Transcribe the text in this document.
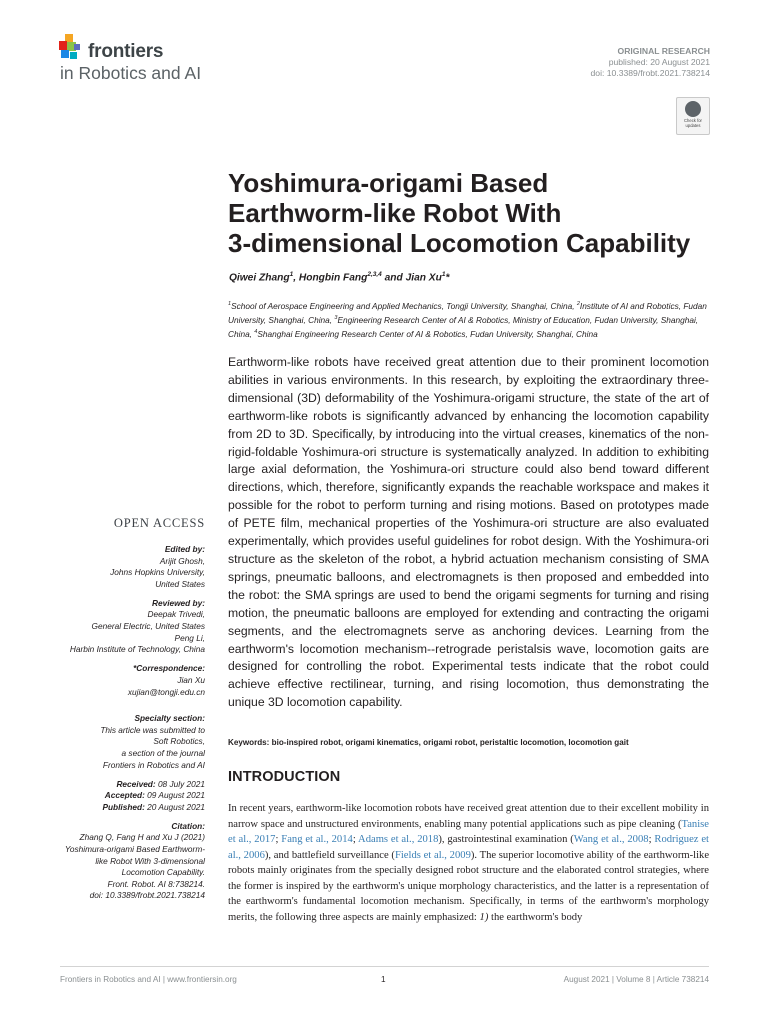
frontiers
in Robotics and AI
ORIGINAL RESEARCH
published: 20 August 2021
doi: 10.3389/frobt.2021.738214
Check for updates
Yoshimura-origami Based
Earthworm-like Robot With
3-dimensional Locomotion Capability
Qiwei Zhang$^1$, Hongbin Fang$^{2,3,4}$ and Jian Xu$^1$*
$^1$School of Aerospace Engineering and Applied Mechanics, Tongji University, Shanghai, China, $^2$Institute of AI and Robotics, Fudan University, Shanghai, China, $^3$Engineering Research Center of AI & Robotics, Ministry of Education, Fudan University, Shanghai, China, $^4$Shanghai Engineering Research Center of AI & Robotics, Fudan University, Shanghai, China
Earthworm-like robots have received great attention due to their prominent locomotion abilities in various environments. In this research, by exploiting the extraordinary three-dimensional (3D) deformability of the Yoshimura-origami structure, the state of the art of earthworm-like robots is significantly advanced by enhancing the locomotion capability from 2D to 3D. Specifically, by introducing into the virtual creases, kinematics of the non-rigid-foldable Yoshimura-ori structure is systematically analyzed. In addition to exhibiting large axial deformation, the Yoshimura-ori structure could also bend toward different directions, which, therefore, significantly expands the reachable workspace and makes it possible for the robot to perform turning and rising motions. Based on prototypes made of PETE film, mechanical properties of the Yoshimura-ori structure are also evaluated experimentally, which provides useful guidelines for robot design. With the Yoshimura-ori structure as the skeleton of the robot, a hybrid actuation mechanism consisting of SMA springs, pneumatic balloons, and electromagnets is then proposed and embedded into the robot: the SMA springs are used to bend the origami segments for turning and rising motion, the pneumatic balloons are employed for extending and contracting the origami segments, and the electromagnets serve as anchoring devices. Learning from the earthworm's locomotion mechanism--retrograde peristalsis wave, locomotion gaits are designed for controlling the robot. Experimental tests indicate that the robot could achieve effective rectilinear, turning, and rising locomotion, thus demonstrating the unique 3D locomotion capability.
Keywords: bio-inspired robot, origami kinematics, origami robot, peristaltic locomotion, locomotion gait
OPEN ACCESS
Edited by:
Arijit Ghosh,
Johns Hopkins University,
United States
Reviewed by:
Deepak Trivedi,
General Electric, United States
Peng Li,
Harbin Institute of Technology, China
*Correspondence:
Jian Xu
xujian@tongji.edu.cn
Specialty section:
This article was submitted to
Soft Robotics,
a section of the journal
Frontiers in Robotics and AI
Received: 08 July 2021
Accepted: 09 August 2021
Published: 20 August 2021
Citation:
Zhang Q, Fang H and Xu J (2021)
Yoshimura-origami Based Earthworm-
like Robot With 3-dimensional
Locomotion Capability.
Front. Robot. AI 8:738214.
doi: 10.3389/frobt.2021.738214
INTRODUCTION
In recent years, earthworm-like locomotion robots have received great attention due to their excellent mobility in narrow space and unstructured environments, enabling many potential applications such as pipe cleaning (Tanise et al., 2017; Fang et al., 2014; Adams et al., 2018), gastrointestinal examination (Wang et al., 2008; Rodriguez et al., 2006), and battlefield surveillance (Fields et al., 2009). The superior locomotive ability of the earthworm-like robots mainly originates from the specially designed robot structure and the elaborated control strategies, where the former is inspired by the earthworm's unique morphology characteristics, and the latter is a representation of the earthworm's fundamental locomotion mechanism. Specifically, in terms of the earthworm's morphology merits, the following three aspects are mainly emphasized: 1) the earthworm's body
Frontiers in Robotics and AI | www.frontiersin.org	1	August 2021 | Volume 8 | Article 738214
